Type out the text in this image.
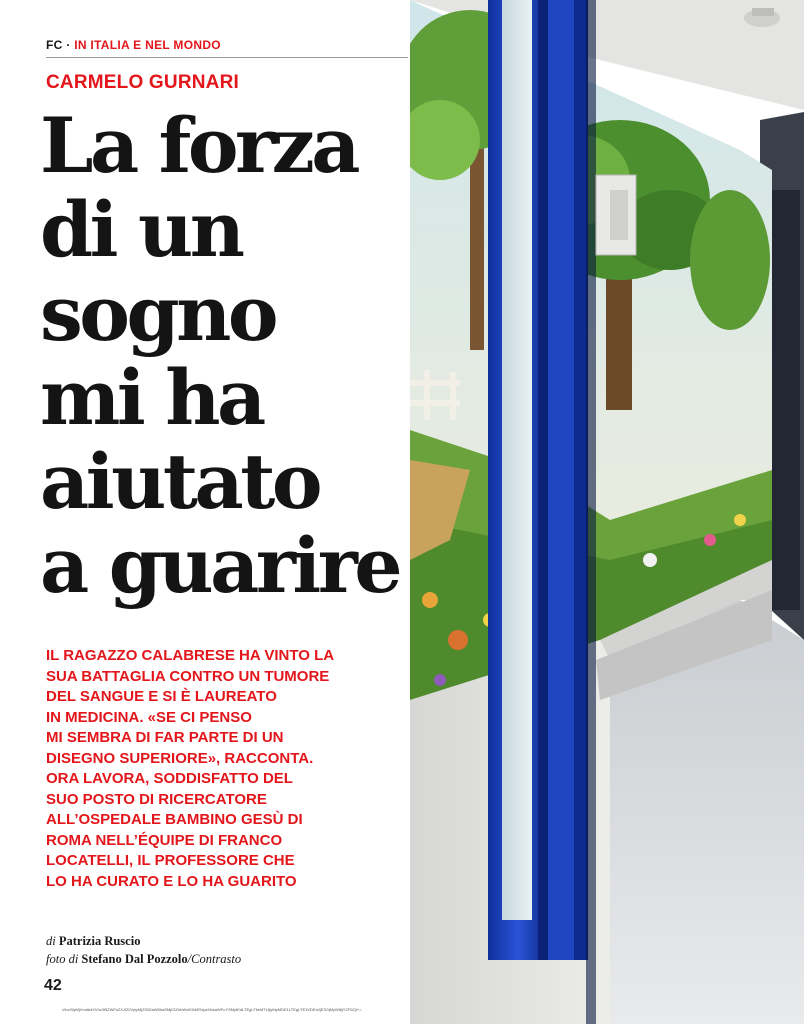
FC · IN ITALIA E NEL MONDO
CARMELO GURNARI
La forza
di un
sogno
mi ha
aiutato
a guarire
IL RAGAZZO CALABRESE HA VINTO LA
SUA BATTAGLIA CONTRO UN TUMORE
DEL SANGUE E SI È LAUREATO
IN MEDICINA. «SE CI PENSO
MI SEMBRA DI FAR PARTE DI UN
DISEGNO SUPERIORE», RACCONTA.
ORA LAVORA, SODDISFATTO DEL
SUO POSTO DI RICERCATORE
ALL’OSPEDALE BAMBINO GESÙ DI
ROMA NELL’ÉQUIPE DI FRANCO
LOCATELLI, IL PROFESSORE CHE
LO HA CURATO E LO HA GUARITO
di Patrizia Ruscio
foto di Stefano Dal Pozzolo/Contrasto
42
VkrcSlyMjVmdkdXVhc3l5ZWFsZXJlZ2VyiyMjZS52aW5haSMjIGZhbWxlIGhlIENyaXNsaWFuYSMjdEdLTEgLTkeMTUjlyMyMDE1LTEgLTE3VDEx0jE3OjMyWi8jY2F0ZjI+=
